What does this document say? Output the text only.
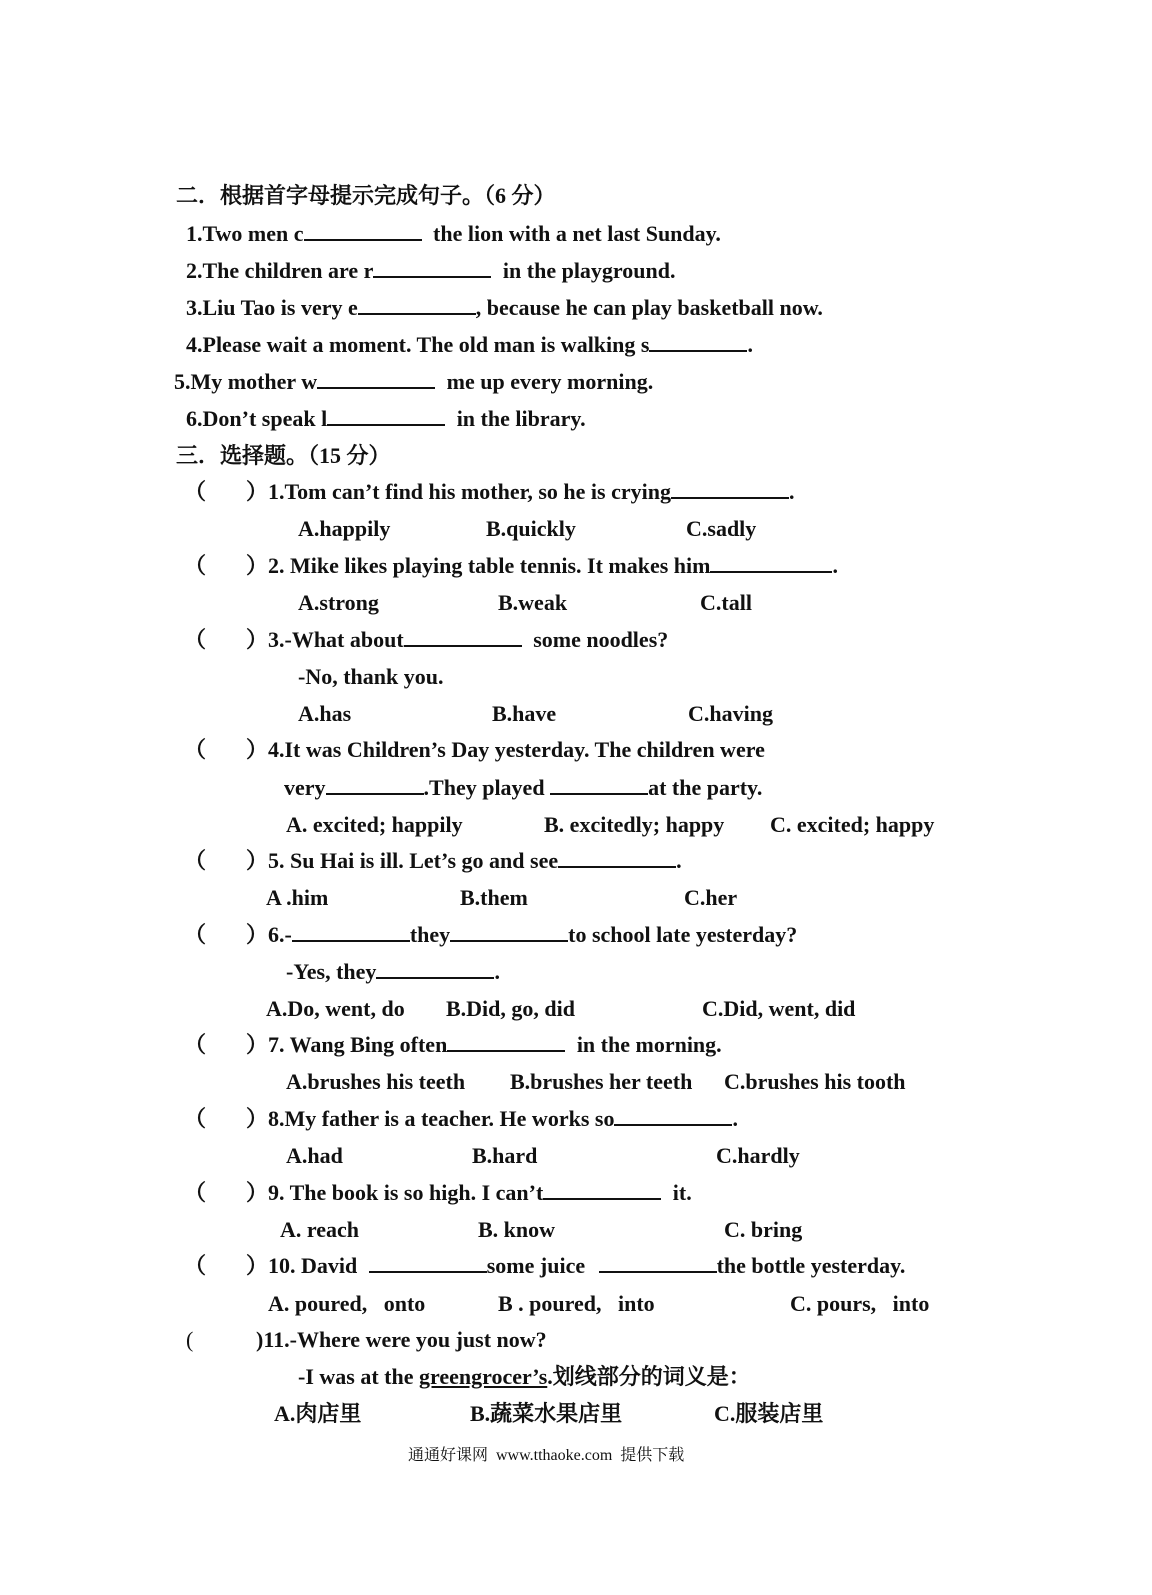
二．根据首字母提示完成句子。（6 分）
1.Two men c	the lion with a net last Sunday.
2.The children are r	in the playground.
3.Liu Tao is very e	, because he can play basketball now.
4.Please wait a moment. The old man is walking s	.
5.My mother w	me up every morning.
6.Don’t speak l	in the library.
三．选择题。（15 分）
（ ）1.Tom can’t find his mother, so he is crying	.
A.happily	B.quickly	C.sadly
（ ）2. Mike likes playing table tennis. It makes him	.
A.strong	B.weak	C.tall
（ ）3.-What about	some noodles?
-No, thank you.
A.has	B.have	C.having
（ ）4.It was Children’s Day yesterday. The children were
very	.They played	at the party.
A. excited; happily	B. excitedly; happy C. excited; happy
（ ）5. Su Hai is ill. Let’s go and see	.
A .him	B.them	C.her
（ ）6.-	they	to school late yesterday?
-Yes, they	.
A.Do, went, do B.Did, go, did	C.Did, went, did
（ ）7. Wang Bing often	in the morning.
A.brushes his teeth B.brushes her teeth C.brushes his tooth
（ ）8.My father is a teacher. He works so	.
A.had	B.hard	C.hardly
（ ）9. The book is so high. I can’t	it.
A. reach	B. know	C. bring
（ ）10. David	some juice	the bottle yesterday.
A. poured,   onto	B . poured,   into	C. pours,   into
(	)11.-Where were you just now?
-I was at the greengrocer’s.划线部分的词义是：
A.肉店里	B.蔬菜水果店里	C.服装店里
通通好课网  www.tthaoke.com  提供下载
